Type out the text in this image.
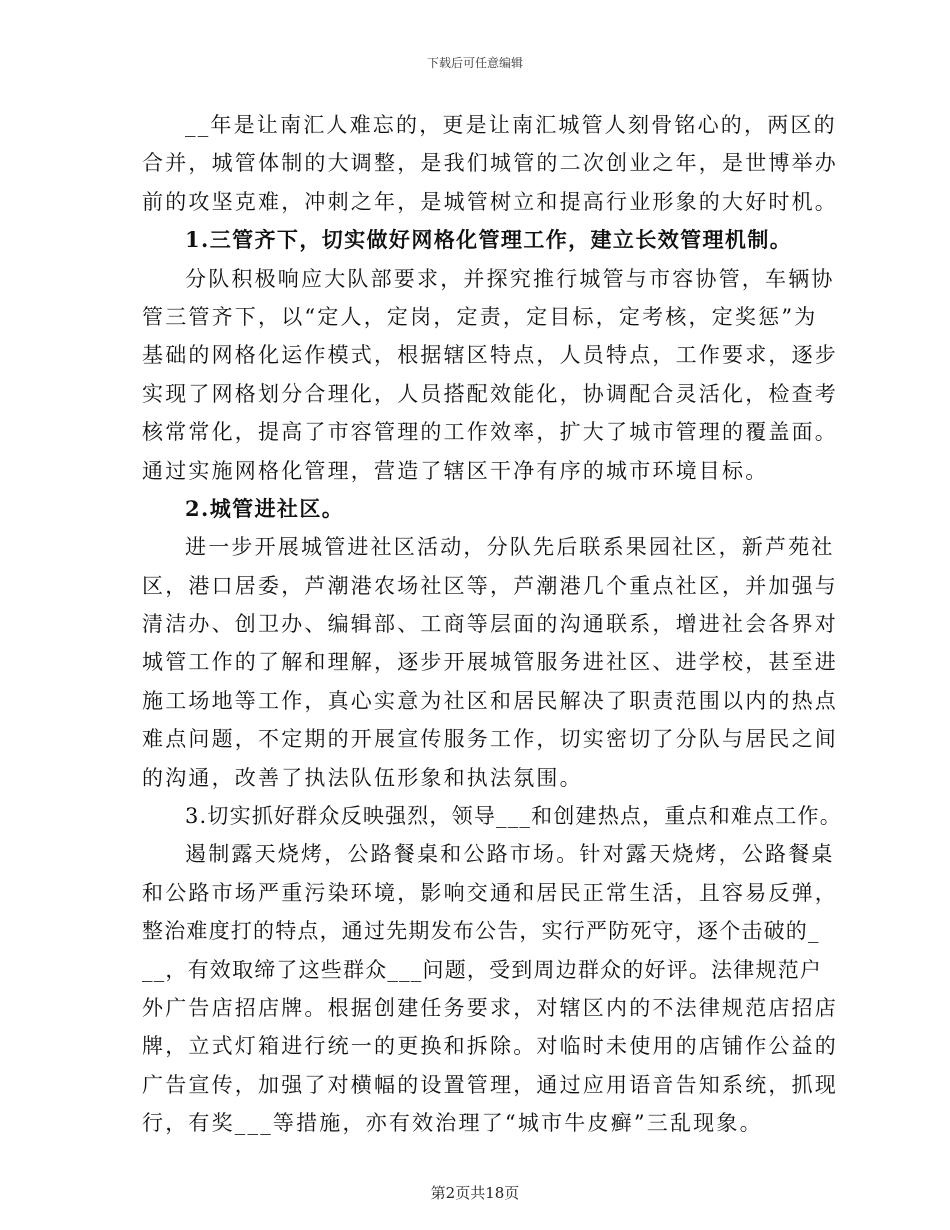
下载后可任意编辑
__年是让南汇人难忘的，更是让南汇城管人刻骨铭心的，两区的
合并，城管体制的大调整，是我们城管的二次创业之年，是世博举办
前的攻坚克难，冲刺之年，是城管树立和提高行业形象的大好时机。
1.三管齐下，切实做好网格化管理工作，建立长效管理机制。
分队积极响应大队部要求，并探究推行城管与市容协管，车辆协
管三管齐下，以“定人，定岗，定责，定目标，定考核，定奖惩”为
基础的网格化运作模式，根据辖区特点，人员特点，工作要求，逐步
实现了网格划分合理化，人员搭配效能化，协调配合灵活化，检查考
核常常化，提高了市容管理的工作效率，扩大了城市管理的覆盖面。
通过实施网格化管理，营造了辖区干净有序的城市环境目标。
2.城管进社区。
进一步开展城管进社区活动，分队先后联系果园社区，新芦苑社
区，港口居委，芦潮港农场社区等，芦潮港几个重点社区，并加强与
清洁办、创卫办、编辑部、工商等层面的沟通联系，增进社会各界对
城管工作的了解和理解，逐步开展城管服务进社区、进学校，甚至进
施工场地等工作，真心实意为社区和居民解决了职责范围以内的热点
难点问题，不定期的开展宣传服务工作，切实密切了分队与居民之间
的沟通，改善了执法队伍形象和执法氛围。
3.切实抓好群众反映强烈，领导___和创建热点，重点和难点工作。
遏制露天烧烤，公路餐桌和公路市场。针对露天烧烤，公路餐桌
和公路市场严重污染环境，影响交通和居民正常生活，且容易反弹，
整治难度打的特点，通过先期发布公告，实行严防死守，逐个击破的_
__，有效取缔了这些群众___问题，受到周边群众的好评。法律规范户
外广告店招店牌。根据创建任务要求，对辖区内的不法律规范店招店
牌，立式灯箱进行统一的更换和拆除。对临时未使用的店铺作公益的
广告宣传，加强了对横幅的设置管理，通过应用语音告知系统，抓现
行，有奖___等措施，亦有效治理了“城市牛皮癣”三乱现象。
第2页共18页
